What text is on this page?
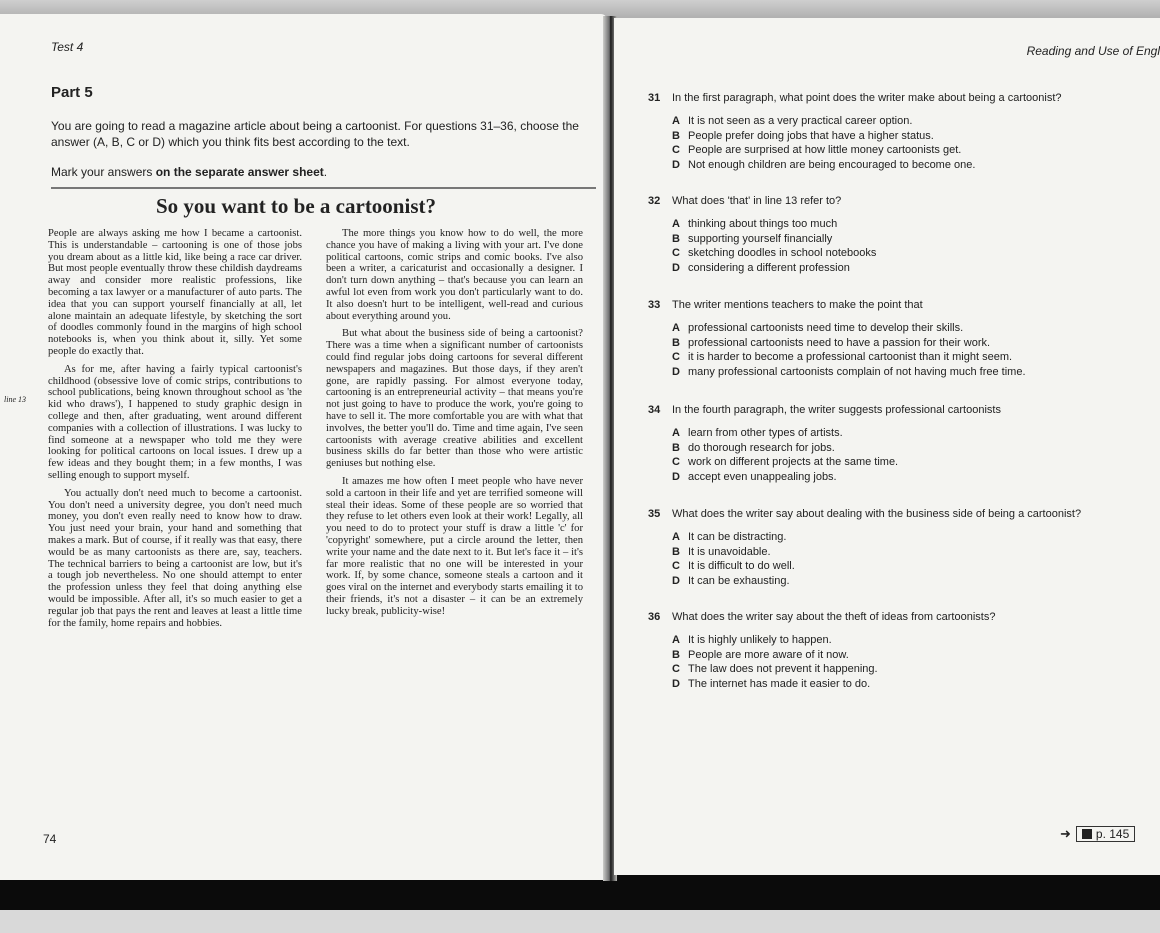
Test 4
Part 5
You are going to read a magazine article about being a cartoonist. For questions 31–36, choose the answer (A, B, C or D) which you think fits best according to the text.
Mark your answers on the separate answer sheet.
So you want to be a cartoonist?
line 13

People are always asking me how I became a cartoonist. This is understandable – cartooning is one of those jobs you dream about as a little kid, like being a race car driver. But most people eventually throw these childish daydreams away and consider more realistic professions, like becoming a tax lawyer or a manufacturer of auto parts. The idea that you can support yourself financially at all, let alone maintain an adequate lifestyle, by sketching the sort of doodles commonly found in the margins of high school notebooks is, when you think about it, silly. Yet some people do exactly that.

As for me, after having a fairly typical cartoonist's childhood (obsessive love of comic strips, contributions to school publications, being known throughout school as 'the kid who draws'), I happened to study graphic design in college and then, after graduating, went around different companies with a collection of illustrations. I was lucky to find someone at a newspaper who told me they were looking for political cartoons on local issues. I drew up a few ideas and they bought them; in a few months, I was selling enough to support myself.

You actually don't need much to become a cartoonist. You don't need a university degree, you don't need much money, you don't even really need to know how to draw. You just need your brain, your hand and something that makes a mark. But of course, if it really was that easy, there would be as many cartoonists as there are, say, teachers. The technical barriers to being a cartoonist are low, but it's a tough job nevertheless. No one should attempt to enter the profession unless they feel that doing anything else would be impossible. After all, it's so much easier to get a regular job that pays the rent and leaves at least a little time for the family, home repairs and hobbies.

The more things you know how to do well, the more chance you have of making a living with your art. I've done political cartoons, comic strips and comic books. I've also been a writer, a caricaturist and occasionally a designer. I don't turn down anything – that's because you can learn an awful lot even from work you don't particularly want to do. It also doesn't hurt to be intelligent, well-read and curious about everything around you.

But what about the business side of being a cartoonist? There was a time when a significant number of cartoonists could find regular jobs doing cartoons for several different newspapers and magazines. But those days, if they aren't gone, are rapidly passing. For almost everyone today, cartooning is an entrepreneurial activity – that means you're not just going to have to produce the work, you're going to have to sell it. The more comfortable you are with what that involves, the better you'll do. Time and time again, I've seen cartoonists with average creative abilities and excellent business skills do far better than those who were artistic geniuses but nothing else.

It amazes me how often I meet people who have never sold a cartoon in their life and yet are terrified someone will steal their ideas. Some of these people are so worried that they refuse to let others even look at their work! Legally, all you need to do to protect your stuff is draw a little 'c' for 'copyright' somewhere, put a circle around the letter, then write your name and the date next to it. But let's face it – it's far more realistic that no one will be interested in your work. If, by some chance, someone steals a cartoon and it goes viral on the internet and everybody starts emailing it to their friends, it's not a disaster – it can be an extremely lucky break, publicity-wise!

74
Reading and Use of Engl
31	In the first paragraph, what point does the writer make about being a cartoonist?
A It is not seen as a very practical career option.
B People prefer doing jobs that have a higher status.
C People are surprised at how little money cartoonists get.
D Not enough children are being encouraged to become one.
32	What does 'that' in line 13 refer to?
A thinking about things too much
B supporting yourself financially
C sketching doodles in school notebooks
D considering a different profession
33	The writer mentions teachers to make the point that
A professional cartoonists need time to develop their skills.
B professional cartoonists need to have a passion for their work.
C it is harder to become a professional cartoonist than it might seem.
D many professional cartoonists complain of not having much free time.
34	In the fourth paragraph, the writer suggests professional cartoonists
A learn from other types of artists.
B do thorough research for jobs.
C work on different projects at the same time.
D accept even unappealing jobs.
35	What does the writer say about dealing with the business side of being a cartoonist?
A It can be distracting.
B It is unavoidable.
C It is difficult to do well.
D It can be exhausting.
36	What does the writer say about the theft of ideas from cartoonists?
A It is highly unlikely to happen.
B People are more aware of it now.
C The law does not prevent it happening.
D The internet has made it easier to do.
➜ p. 145
